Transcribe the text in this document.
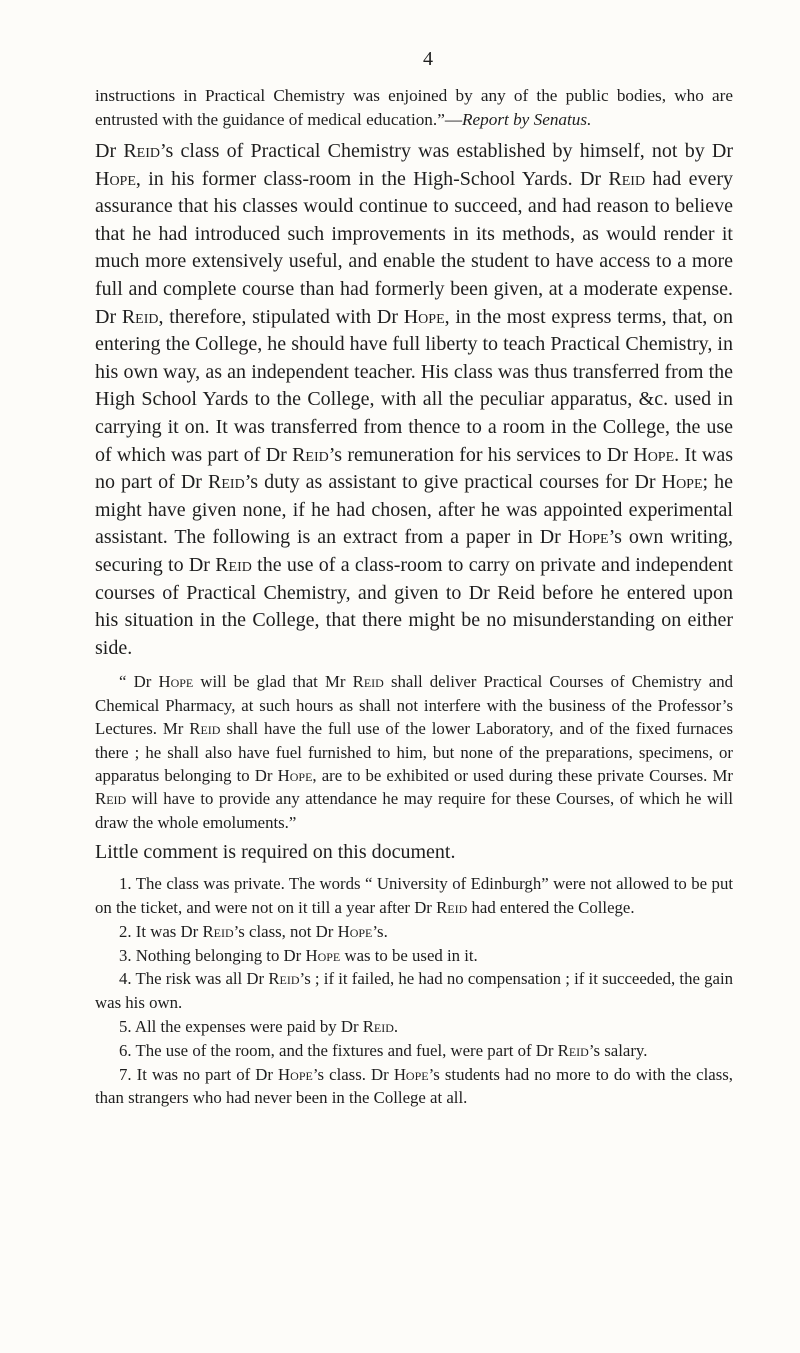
4

instructions in Practical Chemistry was enjoined by any of the public bodies, who are entrusted with the guidance of medical education.”—Report by Senatus.

Dr Reid’s class of Practical Chemistry was established by himself, not by Dr Hope, in his former class-room in the High-School Yards. Dr Reid had every assurance that his classes would continue to succeed, and had reason to believe that he had introduced such improvements in its methods, as would render it much more extensively useful, and enable the student to have access to a more full and complete course than had formerly been given, at a moderate expense. Dr Reid, therefore, stipulated with Dr Hope, in the most express terms, that, on entering the College, he should have full liberty to teach Practical Chemistry, in his own way, as an independent teacher. His class was thus transferred from the High School Yards to the College, with all the peculiar apparatus, &c. used in carrying it on. It was transferred from thence to a room in the College, the use of which was part of Dr Reid’s remuneration for his services to Dr Hope. It was no part of Dr Reid’s duty as assistant to give practical courses for Dr Hope; he might have given none, if he had chosen, after he was appointed experimental assistant. The following is an extract from a paper in Dr Hope’s own writing, securing to Dr Reid the use of a class-room to carry on private and independent courses of Practical Chemistry, and given to Dr Reid before he entered upon his situation in the College, that there might be no misunderstanding on either side.

“ Dr Hope will be glad that Mr Reid shall deliver Practical Courses of Chemistry and Chemical Pharmacy, at such hours as shall not interfere with the business of the Professor’s Lectures. Mr Reid shall have the full use of the lower Laboratory, and of the fixed furnaces there ; he shall also have fuel furnished to him, but none of the preparations, specimens, or apparatus belonging to Dr Hope, are to be exhibited or used during these private Courses. Mr Reid will have to provide any attendance he may require for these Courses, of which he will draw the whole emoluments.”

Little comment is required on this document.

1. The class was private. The words “ University of Edinburgh” were not allowed to be put on the ticket, and were not on it till a year after Dr Reid had entered the College.
2. It was Dr Reid’s class, not Dr Hope’s.
3. Nothing belonging to Dr Hope was to be used in it.
4. The risk was all Dr Reid’s ; if it failed, he had no compensation ; if it succeeded, the gain was his own.
5. All the expenses were paid by Dr Reid.
6. The use of the room, and the fixtures and fuel, were part of Dr Reid’s salary.
7. It was no part of Dr Hope’s class. Dr Hope’s students had no more to do with the class, than strangers who had never been in the College at all.
